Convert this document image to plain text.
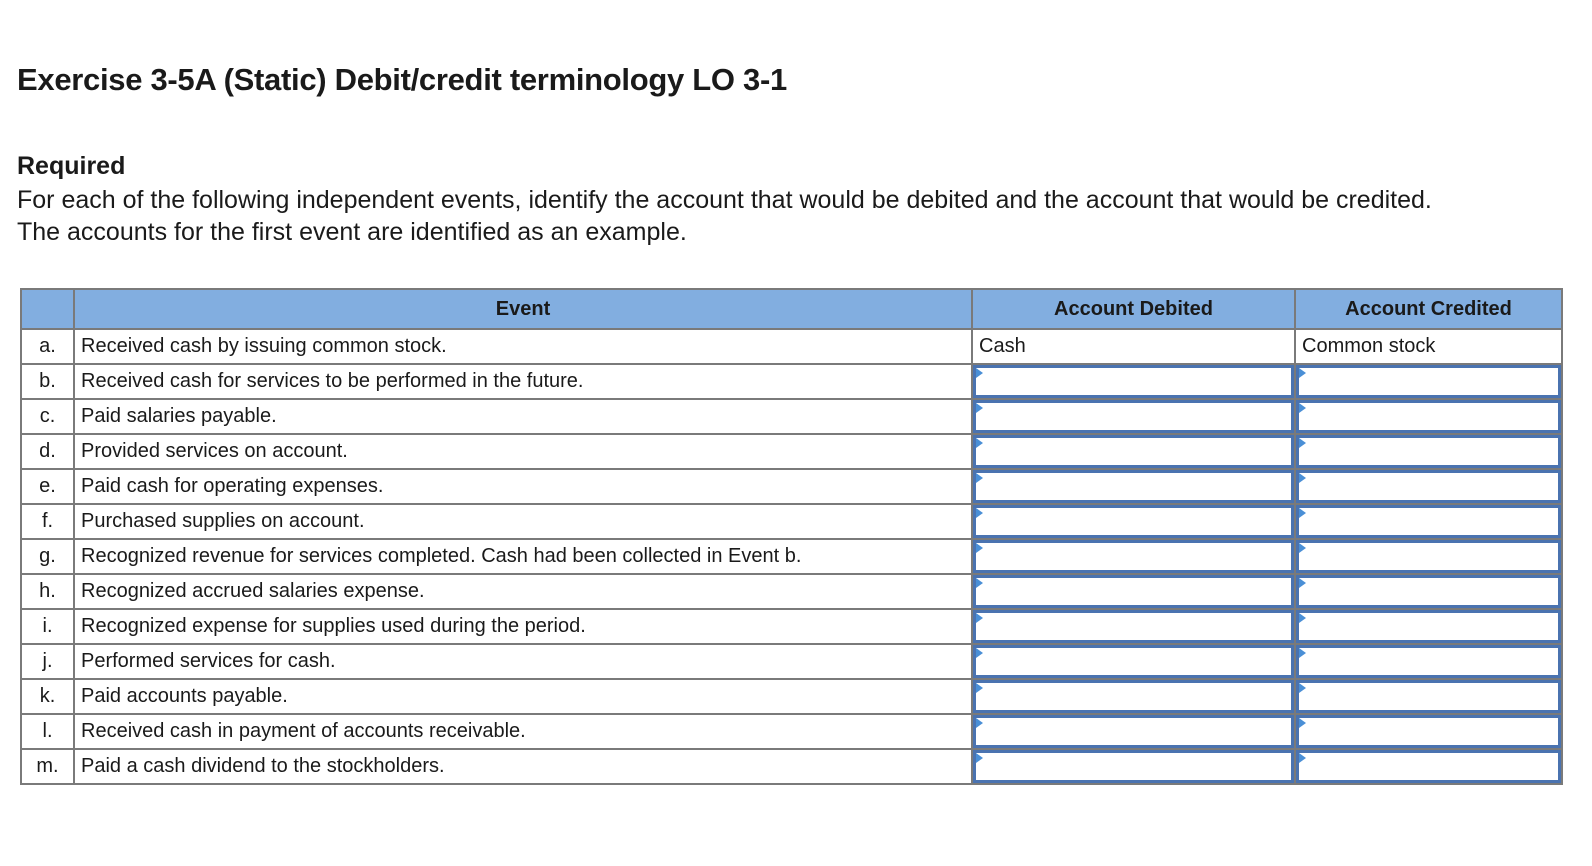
Exercise 3-5A (Static) Debit/credit terminology LO 3-1
Required

For each of the following independent events, identify the account that would be debited and the account that would be credited.
The accounts for the first event are identified as an example.

	Event	Account Debited	Account Credited
a.	Received cash by issuing common stock.	Cash	Common stock
b.	Received cash for services to be performed in the future.	

c.	Paid salaries payable.	

d.	Provided services on account.	

e.	Paid cash for operating expenses.	

f.	Purchased supplies on account.	

g.	Recognized revenue for services completed. Cash had been collected in Event b.	

h.	Recognized accrued salaries expense.	

i.	Recognized expense for supplies used during the period.	

j.	Performed services for cash.	

k.	Paid accounts payable.	

l.	Received cash in payment of accounts receivable.	

m.	Paid a cash dividend to the stockholders.	
